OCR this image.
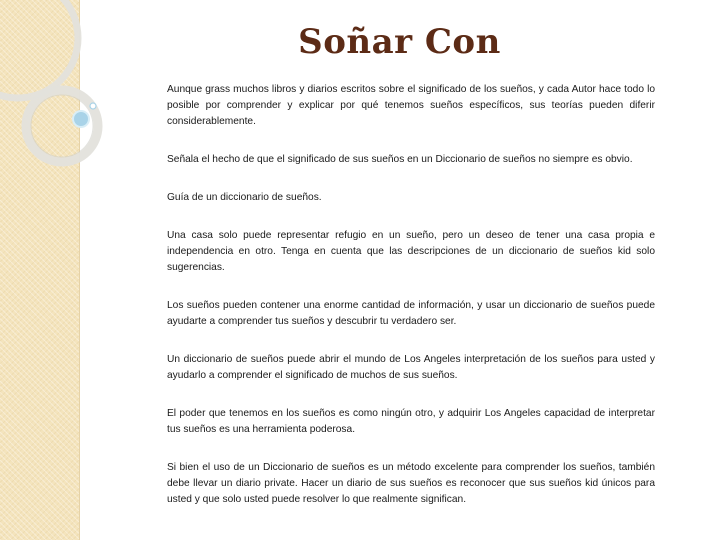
Soñar Con

Aunque grass muchos libros y diarios escritos sobre el significado de los sueños, y cada Autor hace todo lo posible por comprender y explicar por qué tenemos sueños específicos, sus teorías pueden diferir considerablemente.

Señala el hecho de que el significado de sus sueños en un Diccionario de sueños no siempre es obvio.

Guía de un diccionario de sueños.

Una casa solo puede representar refugio en un sueño, pero un deseo de tener una casa propia e independencia en otro. Tenga en cuenta que las descripciones de un diccionario de sueños kid solo sugerencias.

Los sueños pueden contener una enorme cantidad de información, y usar un diccionario de sueños puede ayudarte a comprender tus sueños y descubrir tu verdadero ser.

Un diccionario de sueños puede abrir el mundo de Los Angeles interpretación de los sueños para usted y ayudarlo a comprender el significado de muchos de sus sueños.

El poder que tenemos en los sueños es como ningún otro, y adquirir Los Angeles capacidad de interpretar tus sueños es una herramienta poderosa.

Si bien el uso de un Diccionario de sueños es un método excelente para comprender los sueños, también debe llevar un diario private. Hacer un diario de sus sueños es reconocer que sus sueños kid únicos para usted y que solo usted puede resolver lo que realmente significan.
